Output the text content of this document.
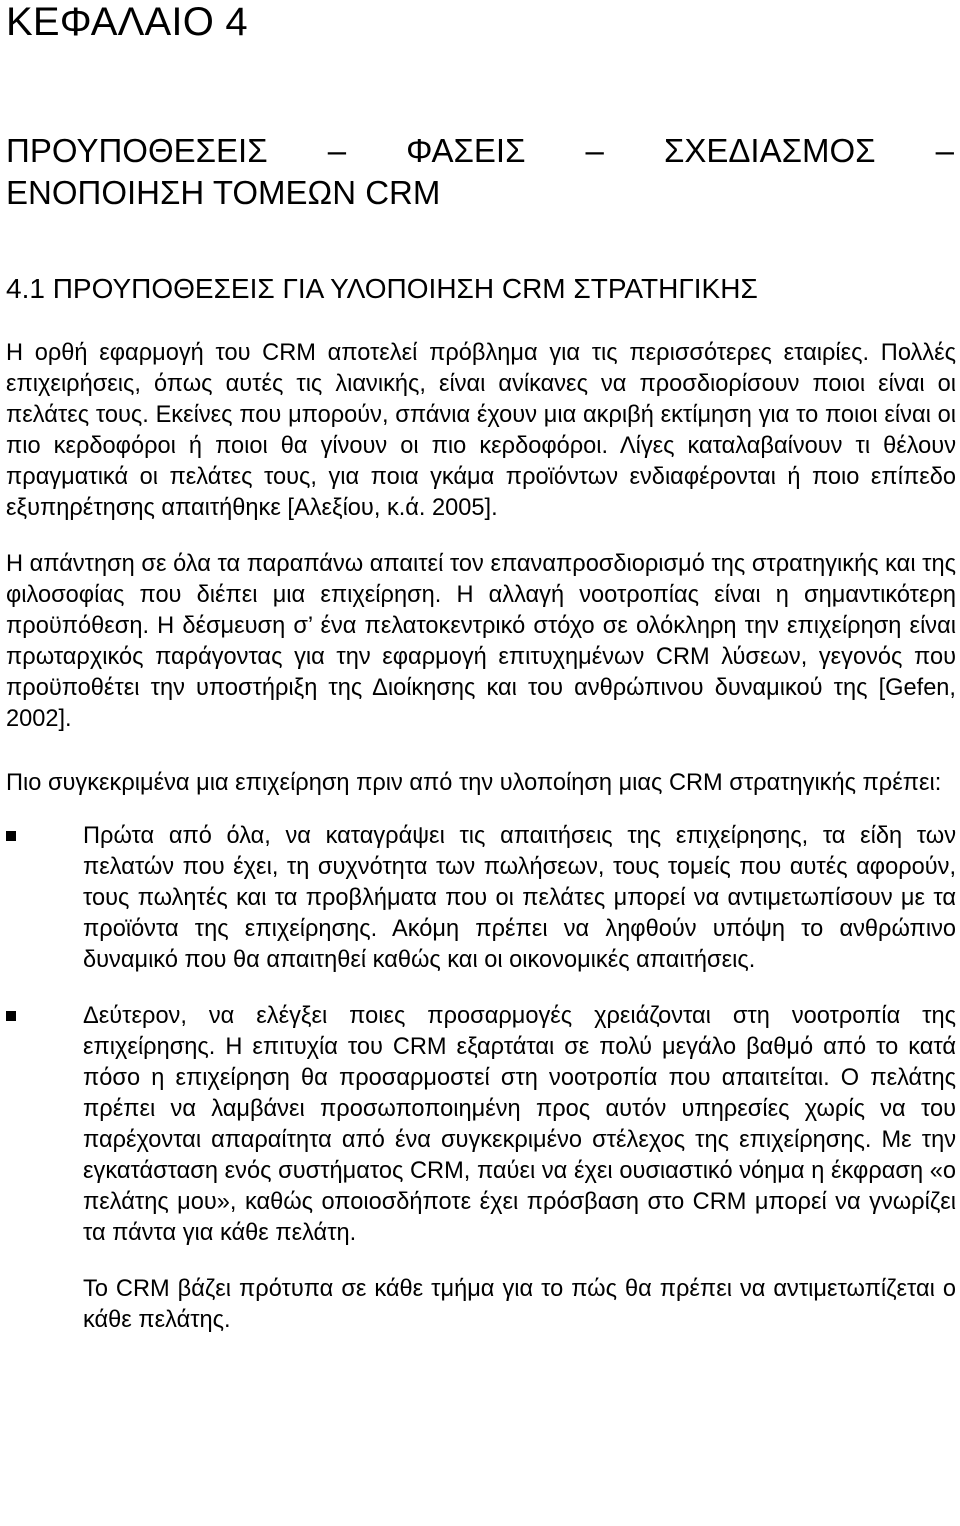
ΚΕΦΑΛΑΙΟ 4
ΠΡΟΥΠΟΘΕΣΕΙΣ – ΦΑΣΕΙΣ – ΣΧΕΔΙΑΣΜΟΣ –
ΕΝΟΠΟΙΗΣΗ ΤΟΜΕΩΝ CRM
4.1 ΠΡΟΥΠΟΘΕΣΕΙΣ ΓΙΑ ΥΛΟΠΟΙΗΣΗ CRM ΣΤΡΑΤΗΓΙΚΗΣ

Η ορθή εφαρμογή του CRM αποτελεί πρόβλημα για τις περισσότερες εταιρίες. Πολλές επιχειρήσεις, όπως αυτές τις λιανικής, είναι ανίκανες να προσδιορίσουν ποιοι είναι οι πελάτες τους. Εκείνες που μπορούν, σπάνια έχουν μια ακριβή εκτίμηση για το ποιοι είναι οι πιο κερδοφόροι ή ποιοι θα γίνουν οι πιο κερδοφόροι. Λίγες καταλαβαίνουν τι θέλουν πραγματικά οι πελάτες τους, για ποια γκάμα προϊόντων ενδιαφέρονται ή ποιο επίπεδο εξυπηρέτησης απαιτήθηκε [Αλεξίου, κ.ά. 2005].

Η απάντηση σε όλα τα παραπάνω απαιτεί τον επαναπροσδιορισμό της στρατηγικής και της φιλοσοφίας που διέπει μια επιχείρηση. Η αλλαγή νοοτροπίας είναι η σημαντικότερη προϋπόθεση. Η δέσμευση σ’ ένα πελατοκεντρικό στόχο σε ολόκληρη την επιχείρηση είναι πρωταρχικός παράγοντας για την εφαρμογή επιτυχημένων CRM λύσεων, γεγονός που προϋποθέτει την υποστήριξη της Διοίκησης και του ανθρώπινου δυναμικού της [Gefen, 2002].

Πιο συγκεκριμένα μια επιχείρηση πριν από την υλοποίηση μιας CRM στρατηγικής πρέπει:

Πρώτα από όλα, να καταγράψει τις απαιτήσεις της επιχείρησης, τα είδη των πελατών που έχει, τη συχνότητα των πωλήσεων, τους τομείς που αυτές αφορούν, τους πωλητές και τα προβλήματα που οι πελάτες μπορεί να αντιμετωπίσουν με τα προϊόντα της επιχείρησης. Ακόμη πρέπει να ληφθούν υπόψη το ανθρώπινο δυναμικό που θα απαιτηθεί καθώς και οι οικονομικές απαιτήσεις.
Δεύτερον, να ελέγξει ποιες προσαρμογές χρειάζονται στη νοοτροπία της επιχείρησης. Η επιτυχία του CRM εξαρτάται σε πολύ μεγάλο βαθμό από το κατά πόσο η επιχείρηση θα προσαρμοστεί στη νοοτροπία που απαιτείται. Ο πελάτης πρέπει να λαμβάνει προσωποποιημένη προς αυτόν υπηρεσίες χωρίς να του παρέχονται απαραίτητα από ένα συγκεκριμένο στέλεχος της επιχείρησης. Με την εγκατάσταση ενός συστήματος CRM, παύει να έχει ουσιαστικό νόημα η έκφραση «ο πελάτης μου», καθώς οποιοσδήποτε έχει πρόσβαση στο CRM μπορεί να γνωρίζει τα πάντα για κάθε πελάτη.

Το CRM βάζει πρότυπα σε κάθε τμήμα για το πώς θα πρέπει να αντιμετωπίζεται ο κάθε πελάτης.
